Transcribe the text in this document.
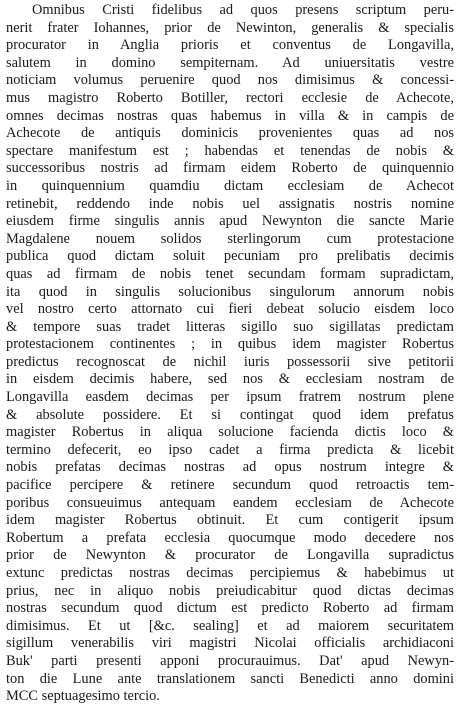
Omnibus Cristi fidelibus ad quos presens scriptum peru-
nerit frater Iohannes, prior de Newinton, generalis & specialis
procurator in Anglia prioris et conventus de Longavilla,
salutem in domino sempiternam. Ad uniuersitatis vestre
noticiam volumus peruenire quod nos dimisimus & concessi-
mus magistro Roberto Botiller, rectori ecclesie de Achecote,
omnes decimas nostras quas habemus in villa & in campis de
Achecote de antiquis dominicis provenientes quas ad nos
spectare manifestum est ; habendas et tenendas de nobis &
successoribus nostris ad firmam eidem Roberto de quinquennio
in quinquennium quamdiu dictam ecclesiam de Achecot
retinebit, reddendo inde nobis uel assignatis nostris nomine
eiusdem firme singulis annis apud Newynton die sancte Marie
Magdalene nouem solidos sterlingorum cum protestacione
publica quod dictam soluit pecuniam pro prelibatis decimis
quas ad firmam de nobis tenet secundam formam supradictam,
ita quod in singulis solucionibus singulorum annorum nobis
vel nostro certo attornato cui fieri debeat solucio eisdem loco
& tempore suas tradet litteras sigillo suo sigillatas predictam
protestacionem continentes ; in quibus idem magister Robertus
predictus recognoscat de nichil iuris possessorii sive petitorii
in eisdem decimis habere, sed nos & ecclesiam nostram de
Longavilla easdem decimas per ipsum fratrem nostrum plene
& absolute possidere. Et si contingat quod idem prefatus
magister Robertus in aliqua solucione facienda dictis loco &
termino defecerit, eo ipso cadet a firma predicta & licebit
nobis prefatas decimas nostras ad opus nostrum integre &
pacifice percipere & retinere secundum quod retroactis tem-
poribus consueuimus antequam eandem ecclesiam de Achecote
idem magister Robertus obtinuit. Et cum contigerit ipsum
Robertum a prefata ecclesia quocumque modo decedere nos
prior de Newynton & procurator de Longavilla supradictus
extunc predictas nostras decimas percipiemus & habebimus ut
prius, nec in aliquo nobis preiudicabitur quod dictas decimas
nostras secundum quod dictum est predicto Roberto ad firmam
dimisimus. Et ut [&c. sealing] et ad maiorem securitatem
sigillum venerabilis viri magistri Nicolai officialis archidiaconi
Buk' parti presenti apponi procurauimus. Dat' apud Newyn-
ton die Lune ante translationem sancti Benedicti anno domini
MCC septuagesimo tercio.
